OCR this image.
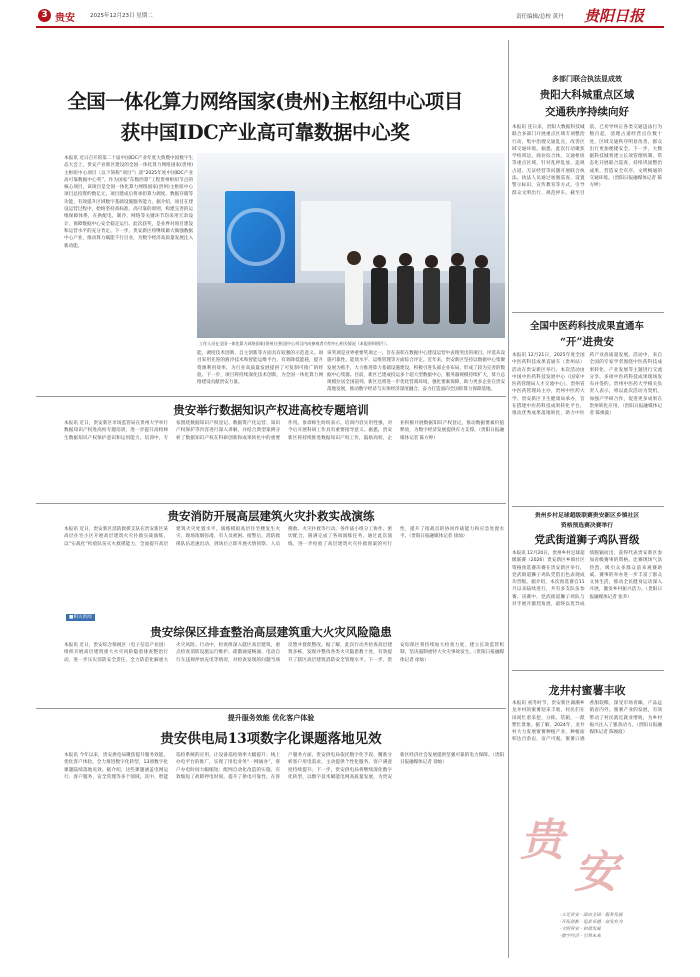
3 贵安	2025年12月23日 星期二	责任编辑/总校 黄丹 贵阳日报
全国一体化算力网络国家(贵州)主枢纽中心项目
获中国IDC产业高可靠数据中心奖
本报讯 近日召开的第二十届中国IDC产业年度大典暨中国数字生态大会上，贵安产业新区建设的全国一体化算力网络国家(贵州)主枢纽中心项目（以下简称“项目”）获“2025年度中国IDC产业高可靠数据中心奖”。作为国家“东数西算”工程贵州枢纽节点的核心项目，该项目是全国一体化算力网络国家(贵州)主枢纽中心项目总投资约数亿元，项目建成后将承担算力调度、数据存储等功能，有效提升区域数字基础设施服务能力。据介绍，项目在建设运营过程中，始终坚持高标准、高可靠的原则，构建完善的运维保障体系，在供配电、制冷、网络等关键环节均采用冗余设计，保障数据中心安全稳定运行。此次获奖，是业界对项目建设和运营水平的充分肯定。下一步，贵安新区将继续做大做强数据中心产业，推动算力赋能千行百业，为数字经济高质量发展注入新动能。
工作人员在全国一体化算力网络国家(贵州)主枢纽中心项目内向参观者介绍中心相关情况（本报资料图片）。
该奖项是业界重要奖项之一，旨在表彰在数据中心建设运营中表现突出的项目。评选从设施可靠性、能效水平、运维管理等方面综合评定。近年来，贵安新区坚持以数据中心集聚发展为抓手，大力推进算力基础设施建设，积极引进头部企业布局，形成了较为完善的数据中心集群。目前，新区已建成投运多个超大型数据中心，服务器规模持续扩大，算力总规模位居全国前列。新区还将进一步优化营商环境，强化要素保障，助力更多企业在贵安落地发展，推动数字经济与实体经济深度融合，奋力打造面向全国的算力保障基地。
能、调度技术创新、自主创新等方面具有较强的示范意义。项目采用先进的液冷技术和智能运维平台，有效降低能耗，提升资源利用效率，为行业高质量发展提供了可复制可推广的经验。下一步，项目将持续深化技术创新，为全国一体化算力网络建设贡献贵安力量。
贵安举行数据知识产权进高校专题培训
本报讯 近日，贵安新区市场监管局在贵州大学举行数据知识产权进高校专题培训，进一步提升高校师生数据知识产权保护意识和运用能力。培训中，专家围绕数据知识产权登记、数据资产化运营、知识产权保护等内容进行深入讲解，并结合典型案例分析了数据知识产权在科研创新和成果转化中的重要作用。参训师生纷纷表示，培训内容实用性强，对今后开展科研工作具有重要指导意义。据悉，贵安新区将持续推进数据知识产权工作，鼓励高校、企业积极开展数据知识产权登记，推动数据要素价值释放，为数字经济发展提供有力支撑。（贵阳日报融媒体记者 陈方婷）
贵安消防开展高层建筑火灾扑救实战演练
本报讯 近日，贵安新区消防救援支队在贵安新区某高层住宅小区开展高层建筑火灾扑救实战演练，以“实战化”检验队伍灭火救援能力，全面提升高层建筑火灾处置水平。演练模拟高层住宅楼发生火灾，现场浓烟弥漫，有人员被困。接警后，消防救援队伍迅速出动，到场后立即开展火情侦察、人员搜救、火灾扑救等行动。各作战小组分工协作、密切配合，圆满完成了各项演练任务。通过此次演练，进一步检验了高层建筑火灾扑救预案的可行性，提升了指战员的协同作战能力和应急处置水平。（贵阳日报融媒体记者 徐灿）
■相关新闻
贵安综保区排查整治高层建筑重大火灾风险隐患
本报讯 近日，贵安综合保税区（电子信息产业园）组织开展高层建筑重大火灾风险隐患排查整治行动，进一步压实消防安全责任，全力防范化解重大火灾风险。行动中，检查组深入辖区高层建筑，重点检查消防设施运行维护、疏散通道畅通、电动自行车违规停放充电等情况，对检查发现的问题当场反馈并督促整改。据了解，此次行动共检查高层建筑多栋，发现并整改各类火灾隐患数十处，有效提升了辖区高层建筑消防安全管理水平。下一步，贵安综保区将持续加大检查力度，建立长效监管机制，坚决遏制重特大火灾事故发生。（贵阳日报融媒体记者 徐灿）
提升服务效能 优化客户体验
贵安供电局13项数字化课题落地见效
本报讯 今年以来，贵安供电局聚焦提升服务效能、优化客户体验，全力推进数字化转型，13项数字化课题陆续落地见效。据介绍，这些课题涵盖电网运行、客户服务、安全管理等多个领域。其中，智能巡检系统的应用，让设备巡检效率大幅提升；线上办电平台的推广，实现了用电业务“一网通办”，客户办电时间大幅缩短；配网自动化改造的实施，有效缩短了故障停电时间，提升了供电可靠性。在客户服务方面，贵安供电局依托数字化手段，精准分析客户用电需求，主动提供个性化服务，客户满意度持续提升。下一步，贵安供电局将继续深化数字化转型，以数字技术赋能电网高质量发展，为贵安新区经济社会发展提供坚强可靠的电力保障。（贵阳日报融媒体记者 徐灿）
多部门联合执法显成效
贵阳大科城重点区域
交通秩序持续向好
本报讯 连日来，贵阳大数据科技城联合多部门开展重点区域专项整治行动，集中治理交通乱点，改善区域交通环境。据悉，此次行动聚焦学校周边、商业综合体、交通枢纽等重点区域，针对乱停乱放、违规占道、无证经营等问题开展联合执法。执法人员通过加强巡查、设置警示标识、宣传教育等方式，引导群众文明出行、规范停车。截至目前，已劝导纠正各类交通违法行为数百起，清理占道经营点位数十处，区域交通秩序明显改善，群众出行更加便捷安全。下一步，大数据科技城将建立长效管理机制，常态化开展联合巡查，持续巩固整治成果，营造安全有序、文明畅通的交通环境。（贵阳日报融媒体记者 陈方婷）
全国中医药科技成果直通车
“开”进贵安
本报讯 12月21日，2025年度全国中医药科技成果直通车（贵州站）活动在贵安新区举行。本次活动由中国中医药科技发展中心（国家中医药管理局人才交流中心）、贵州省中医药管理局主办，贵州中医药大学、贵安新区卫生健康局承办，旨在搭建中医药科技成果转化平台，推动优秀成果落地转化，助力中医药产业高质量发展。活动中，来自全国的专家学者围绕中医药科技成果转化、产业发展等主题进行交流分享，多项中医药科技成果现场发布并签约。贵州中医药大学相关负责人表示，将以此次活动为契机，加强产学研合作，促进更多成果在贵州转化应用。（贵阳日报融媒体记者 陈俊波）
贵州乡村足球超级联赛贵安新区乡镇社区
资格预选赛决赛举行
党武街道狮子鸡队晋级
本报讯 12月20日，贵州乡村足球超级联赛（2026）贵安新区乡镇社区资格预选赛决赛在贵安新区举行，党武街道狮子鸡队凭借出色表现成功晋级。据介绍，本次预选赛自11月以来陆续进行，共有多支队伍参赛。决赛中，党武街道狮子鸡队与对手展开激烈角逐，最终以优异成绩脱颖而出，获得代表贵安新区参加省级赛事的资格。比赛现场气氛热烈，吸引众多群众前来观赛助威。赛事的举办进一步丰富了群众文体生活，推动全民健身运动深入开展，激发乡村振兴活力。（贵阳日报融媒体记者 张乔）
龙井村蜜薯丰收
本报讯 初冬时节，贵安新区湖潮乡龙井村的蜜薯迎来丰收，村民们在田间忙着采挖、分拣、装箱，一派繁忙景象。据了解，2024年，龙井村大力发展蜜薯种植产业，种植面积达百余亩，亩产可观。蜜薯口感香甜软糯，深受市场青睐，产品远销省内外。蜜薯产业的发展，有效带动了村民就近就业增收，为乡村振兴注入了强劲动力。（贵阳日报融媒体记者 陈俊波）
贵
安
·立足贵安 · 面向全国 · 服务发展
·开拓创新 · 追求卓越 · 奋发有为
·文明贵安 · 和谐发展
·数字经济 · 引领未来
